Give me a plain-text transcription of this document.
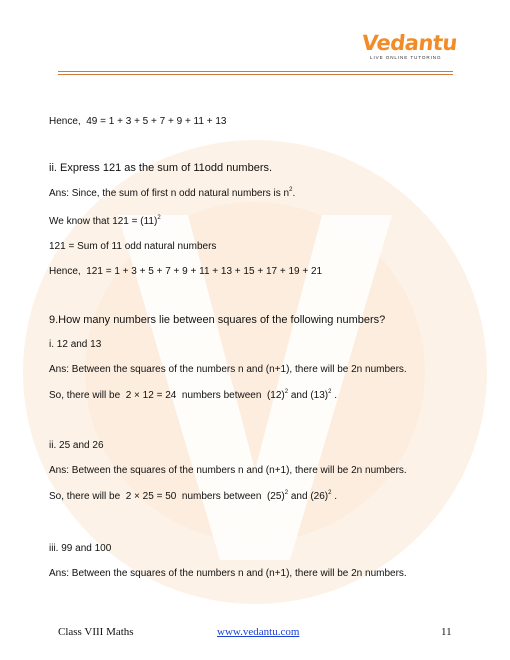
Vedantu
LIVE ONLINE TUTORING
Hence, 49 = 1 + 3 + 5 + 7 + 9 + 11 + 13
ii. Express 121 as the sum of 11odd numbers.
Ans: Since, the sum of first n odd natural numbers is $n^2$.
We know that $121 = (11)^2$
121 = Sum of 11 odd natural numbers
Hence, 121 = 1 + 3 + 5 + 7 + 9 + 11 + 13 + 15 + 17 + 19 + 21
9.How many numbers lie between squares of the following numbers?
i. 12 and 13
Ans: Between the squares of the numbers n and (n+1), there will be 2n numbers.
So, there will be 2 × 12 = 24 numbers between $(12)^2$ and $(13)^2$ .
ii. 25 and 26
Ans: Between the squares of the numbers n and (n+1), there will be 2n numbers.
So, there will be 2 × 25 = 50 numbers between $(25)^2$ and $(26)^2$ .
iii. 99 and 100
Ans: Between the squares of the numbers n and (n+1), there will be 2n numbers.
Class VIII Maths	www.vedantu.com	11
